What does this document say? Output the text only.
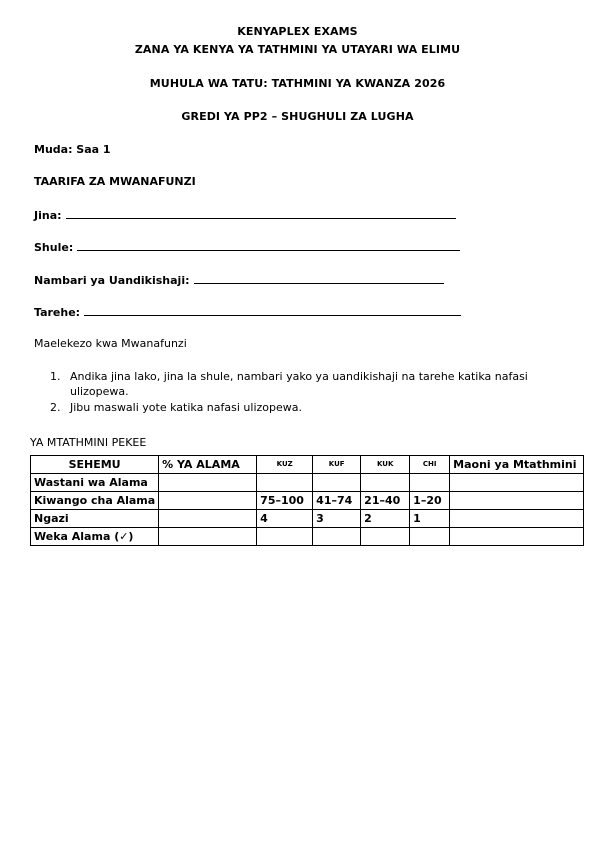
KENYAPLEX EXAMS
ZANA YA KENYA YA TATHMINI YA UTAYARI WA ELIMU
MUHULA WA TATU: TATHMINI YA KWANZA 2026
GREDI YA PP2 – SHUGHULI ZA LUGHA
Muda: Saa 1
TAARIFA ZA MWANAFUNZI
Jina:
Shule:
Nambari ya Uandikishaji:
Tarehe:
Maelekezo kwa Mwanafunzi
1. Andika jina lako, jina la shule, nambari yako ya uandikishaji na tarehe katika nafasi ulizopewa.
2. Jibu maswali yote katika nafasi ulizopewa.
YA MTATHMINI PEKEE
SEHEMU	% YA ALAMA	KUZ	KUF	KUK	CHI	Maoni ya Mtathmini
Wastani wa Alama						
Kiwango cha Alama		75–100	41–74	21–40	1–20	
Ngazi		4	3	2	1	
Weka Alama (✓)						
